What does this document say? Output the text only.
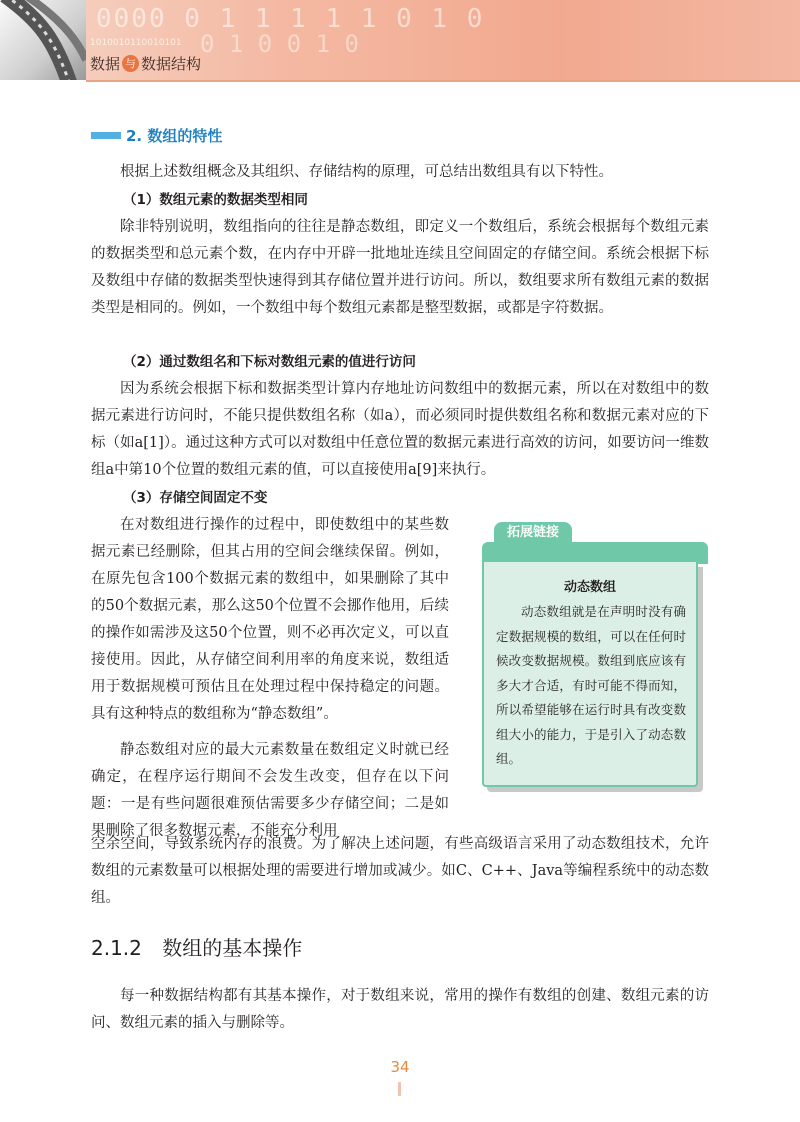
0000 0 1 1 1 1 1 0 1 0
0 1 0 0 1 0
1010010110010101
数据 与 数据结构
2. 数组的特性

根据上述数组概念及其组织、存储结构的原理，可总结出数组具有以下特性。

（1）数组元素的数据类型相同

除非特别说明，数组指向的往往是静态数组，即定义一个数组后，系统会根据每个数组元素的数据类型和总元素个数，在内存中开辟一批地址连续且空间固定的存储空间。系统会根据下标及数组中存储的数据类型快速得到其存储位置并进行访问。所以，数组要求所有数组元素的数据类型是相同的。例如，一个数组中每个数组元素都是整型数据，或都是字符数据。

（2）通过数组名和下标对数组元素的值进行访问

因为系统会根据下标和数据类型计算内存地址访问数组中的数据元素，所以在对数组中的数据元素进行访问时，不能只提供数组名称（如a），而必须同时提供数组名称和数据元素对应的下标（如a[1]）。通过这种方式可以对数组中任意位置的数据元素进行高效的访问，如要访问一维数组a中第10个位置的数组元素的值，可以直接使用a[9]来执行。

（3）存储空间固定不变

在对数组进行操作的过程中，即使数组中的某些数据元素已经删除，但其占用的空间会继续保留。例如，在原先包含100个数据元素的数组中，如果删除了其中的50个数据元素，那么这50个位置不会挪作他用，后续的操作如需涉及这50个位置，则不必再次定义，可以直接使用。因此，从存储空间利用率的角度来说，数组适用于数据规模可预估且在处理过程中保持稳定的问题。具有这种特点的数组称为“静态数组”。

静态数组对应的最大元素数量在数组定义时就已经确定，在程序运行期间不会发生改变，但存在以下问题：一是有些问题很难预估需要多少存储空间；二是如果删除了很多数据元素，不能充分利用

空余空间，导致系统内存的浪费。为了解决上述问题，有些高级语言采用了动态数组技术，允许数组的元素数量可以根据处理的需要进行增加或减少。如C、C++、Java等编程系统中的动态数组。

拓展链接
动态数组

动态数组就是在声明时没有确定数据规模的数组，可以在任何时候改变数据规模。数组到底应该有多大才合适，有时可能不得而知，所以希望能够在运行时具有改变数组大小的能力，于是引入了动态数组。

2.1.2 数组的基本操作

每一种数据结构都有其基本操作，对于数组来说，常用的操作有数组的创建、数组元素的访问、数组元素的插入与删除等。

34
